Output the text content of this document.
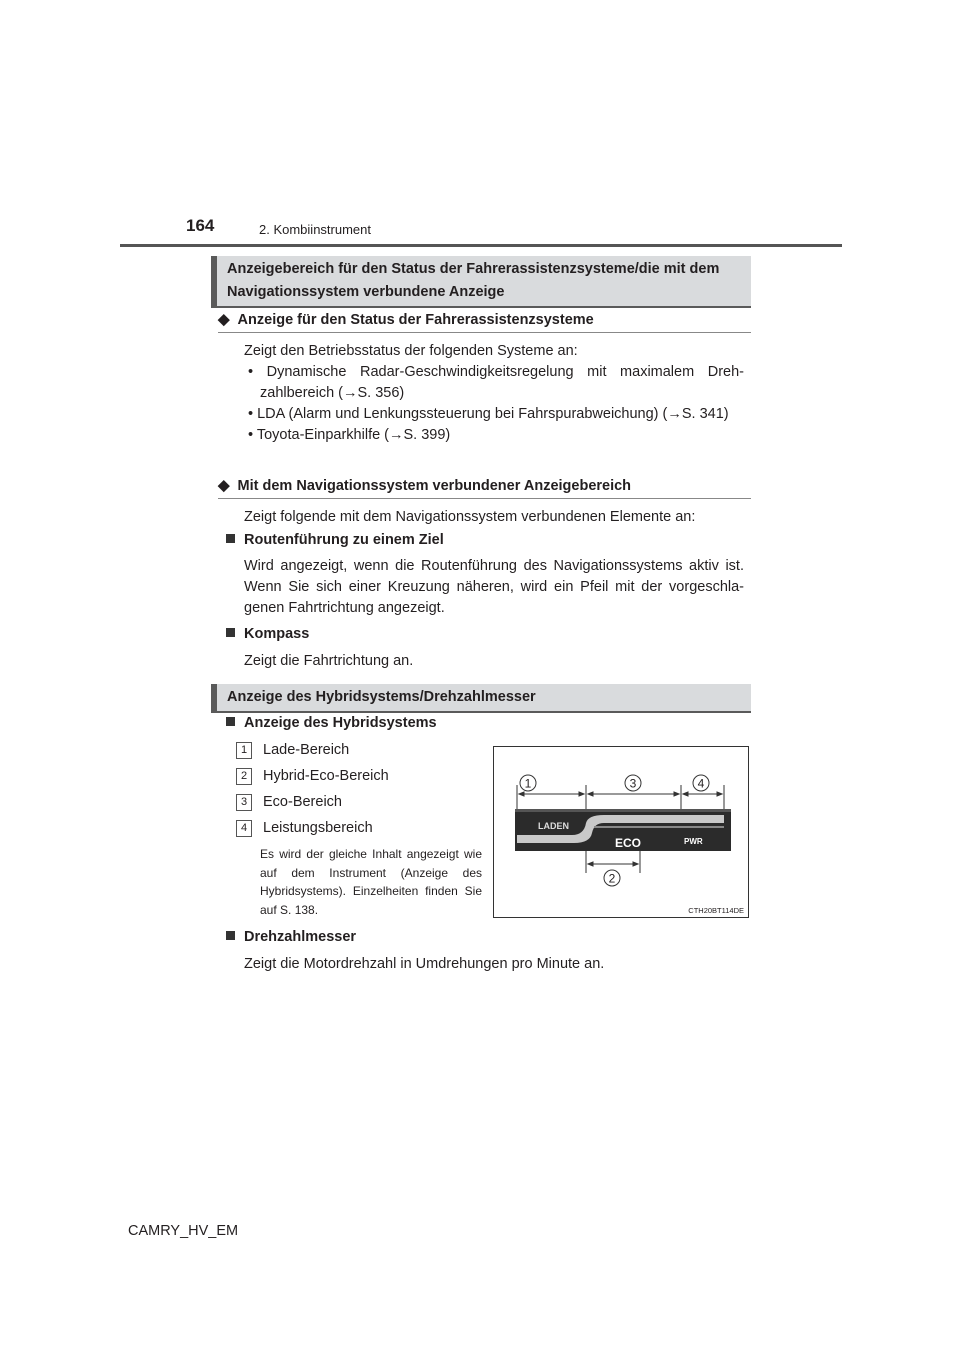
164	2. Kombiinstrument
Anzeigebereich für den Status der Fahrerassistenzsysteme/die mit dem
Navigationssystem verbundene Anzeige
◆ Anzeige für den Status der Fahrerassistenzsysteme
Zeigt den Betriebsstatus der folgenden Systeme an:
• Dynamische Radar-Geschwindigkeitsregelung mit maximalem Dreh-zahlbereich (→S. 356)
• LDA (Alarm und Lenkungssteuerung bei Fahrspurabweichung) (→S. 341)
• Toyota-Einparkhilfe (→S. 399)
◆ Mit dem Navigationssystem verbundener Anzeigebereich
Zeigt folgende mit dem Navigationssystem verbundenen Elemente an:
Routenführung zu einem Ziel
Wird angezeigt, wenn die Routenführung des Navigationssystems aktiv ist. Wenn Sie sich einer Kreuzung näheren, wird ein Pfeil mit der vorgeschla-genen Fahrtrichtung angezeigt.
Kompass
Zeigt die Fahrtrichtung an.
Anzeige des Hybridsystems/Drehzahlmesser
Anzeige des Hybridsystems
1 Lade-Bereich
2 Hybrid-Eco-Bereich
3 Eco-Bereich
4 Leistungsbereich
Es wird der gleiche Inhalt angezeigt wie auf dem Instrument (Anzeige des Hybridsystems). Einzelheiten finden Sie auf S. 138.
1	3	4
2
LADEN
ECO	PWR
CTH20BT114DE
Drehzahlmesser
Zeigt die Motordrehzahl in Umdrehungen pro Minute an.
CAMRY_HV_EM
